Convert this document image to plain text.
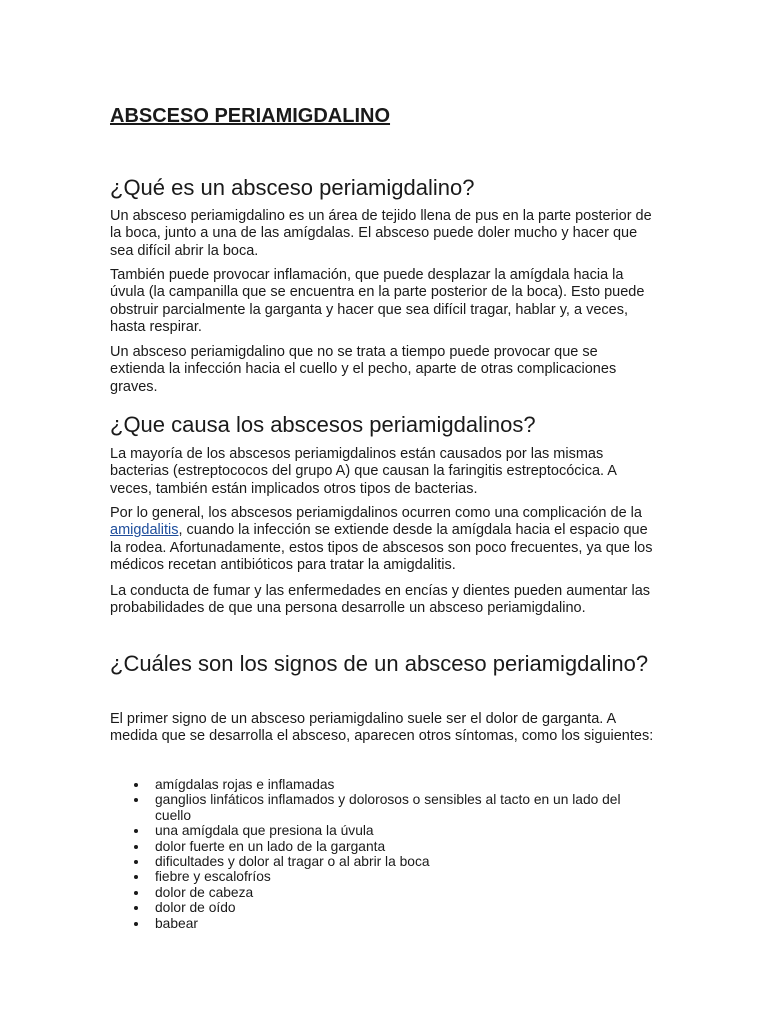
ABSCESO PERIAMIGDALINO
¿Qué es un absceso periamigdalino?

Un absceso periamigdalino es un área de tejido llena de pus en la parte posterior de la boca, junto a una de las amígdalas. El absceso puede doler mucho y hacer que sea difícil abrir la boca.

También puede provocar inflamación, que puede desplazar la amígdala hacia la úvula (la campanilla que se encuentra en la parte posterior de la boca). Esto puede obstruir parcialmente la garganta y hacer que sea difícil tragar, hablar y, a veces, hasta respirar.

Un absceso periamigdalino que no se trata a tiempo puede provocar que se extienda la infección hacia el cuello y el pecho, aparte de otras complicaciones graves.

¿Que causa los abscesos periamigdalinos?

La mayoría de los abscesos periamigdalinos están causados por las mismas bacterias (estreptococos del grupo A) que causan la faringitis estreptocócica. A veces, también están implicados otros tipos de bacterias.

Por lo general, los abscesos periamigdalinos ocurren como una complicación de la amigdalitis, cuando la infección se extiende desde la amígdala hacia el espacio que la rodea. Afortunadamente, estos tipos de abscesos son poco frecuentes, ya que los médicos recetan antibióticos para tratar la amigdalitis.

La conducta de fumar y las enfermedades en encías y dientes pueden aumentar las probabilidades de que una persona desarrolle un absceso periamigdalino.

¿Cuáles son los signos de un absceso periamigdalino?

El primer signo de un absceso periamigdalino suele ser el dolor de garganta. A medida que se desarrolla el absceso, aparecen otros síntomas, como los siguientes:

amígdalas rojas e inflamadas
ganglios linfáticos inflamados y dolorosos o sensibles al tacto en un lado del cuello
una amígdala que presiona la úvula
dolor fuerte en un lado de la garganta
dificultades y dolor al tragar o al abrir la boca
fiebre y escalofríos
dolor de cabeza
dolor de oído
babear
